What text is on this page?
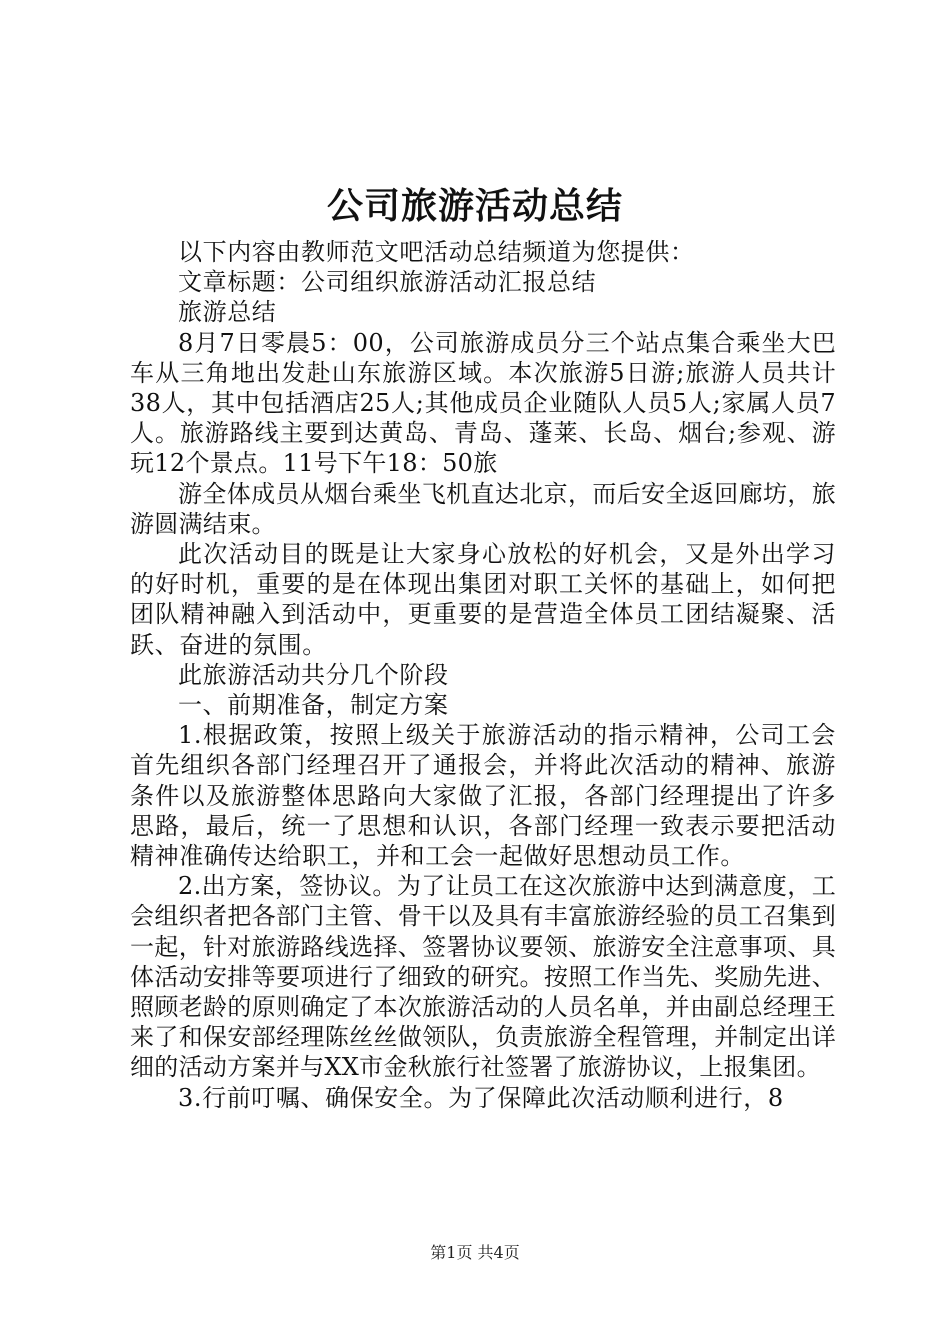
公司旅游活动总结

以下内容由教师范文吧活动总结频道为您提供：

文章标题：公司组织旅游活动汇报总结

旅游总结

8月7日零晨5：00，公司旅游成员分三个站点集合乘坐大巴车从三角地出发赴山东旅游区域。本次旅游5日游;旅游人员共计38人，其中包括酒店25人;其他成员企业随队人员5人;家属人员7人。旅游路线主要到达黄岛、青岛、蓬莱、长岛、烟台;参观、游玩12个景点。11号下午18：50旅

游全体成员从烟台乘坐飞机直达北京，而后安全返回廊坊，旅游圆满结束。

此次活动目的既是让大家身心放松的好机会，又是外出学习的好时机，重要的是在体现出集团对职工关怀的基础上，如何把团队精神融入到活动中，更重要的是营造全体员工团结凝聚、活跃、奋进的氛围。

此旅游活动共分几个阶段

一、前期准备，制定方案

1.根据政策，按照上级关于旅游活动的指示精神，公司工会首先组织各部门经理召开了通报会，并将此次活动的精神、旅游条件以及旅游整体思路向大家做了汇报，各部门经理提出了许多思路，最后，统一了思想和认识，各部门经理一致表示要把活动精神准确传达给职工，并和工会一起做好思想动员工作。

2.出方案，签协议。为了让员工在这次旅游中达到满意度，工会组织者把各部门主管、骨干以及具有丰富旅游经验的员工召集到一起，针对旅游路线选择、签署协议要领、旅游安全注意事项、具体活动安排等要项进行了细致的研究。按照工作当先、奖励先进、照顾老龄的原则确定了本次旅游活动的人员名单，并由副总经理王来了和保安部经理陈丝丝做领队，负责旅游全程管理，并制定出详细的活动方案并与XX市金秋旅行社签署了旅游协议，上报集团。

3.行前叮嘱、确保安全。为了保障此次活动顺利进行，8

第1页 共4页
